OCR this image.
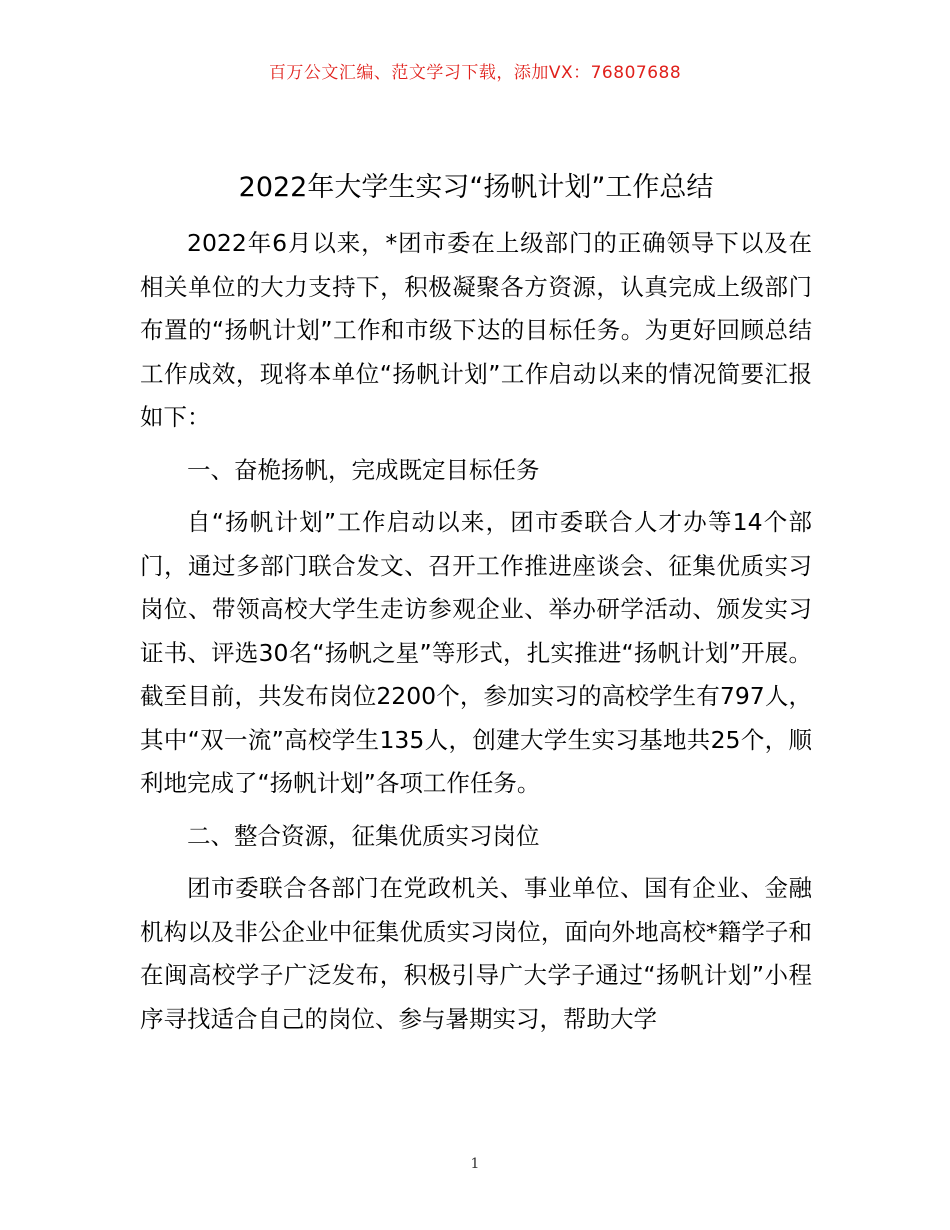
百万公文汇编、范文学习下载，添加VX：76807688
2022年大学生实习“扬帆计划”工作总结

2022年6月以来，*团市委在上级部门的正确领导下以及在相关单位的大力支持下，积极凝聚各方资源，认真完成上级部门布置的“扬帆计划”工作和市级下达的目标任务。为更好回顾总结工作成效，现将本单位“扬帆计划”工作启动以来的情况简要汇报如下：

一、奋桅扬帆，完成既定目标任务

自“扬帆计划”工作启动以来，团市委联合人才办等14个部门，通过多部门联合发文、召开工作推进座谈会、征集优质实习岗位、带领高校大学生走访参观企业、举办研学活动、颁发实习证书、评选30名“扬帆之星”等形式，扎实推进“扬帆计划”开展。截至目前，共发布岗位2200个，参加实习的高校学生有797人，其中“双一流”高校学生135人，创建大学生实习基地共25个，顺利地完成了“扬帆计划”各项工作任务。

二、整合资源，征集优质实习岗位

团市委联合各部门在党政机关、事业单位、国有企业、金融机构以及非公企业中征集优质实习岗位，面向外地高校*籍学子和在闽高校学子广泛发布，积极引导广大学子通过“扬帆计划”小程序寻找适合自己的岗位、参与暑期实习，帮助大学

1
